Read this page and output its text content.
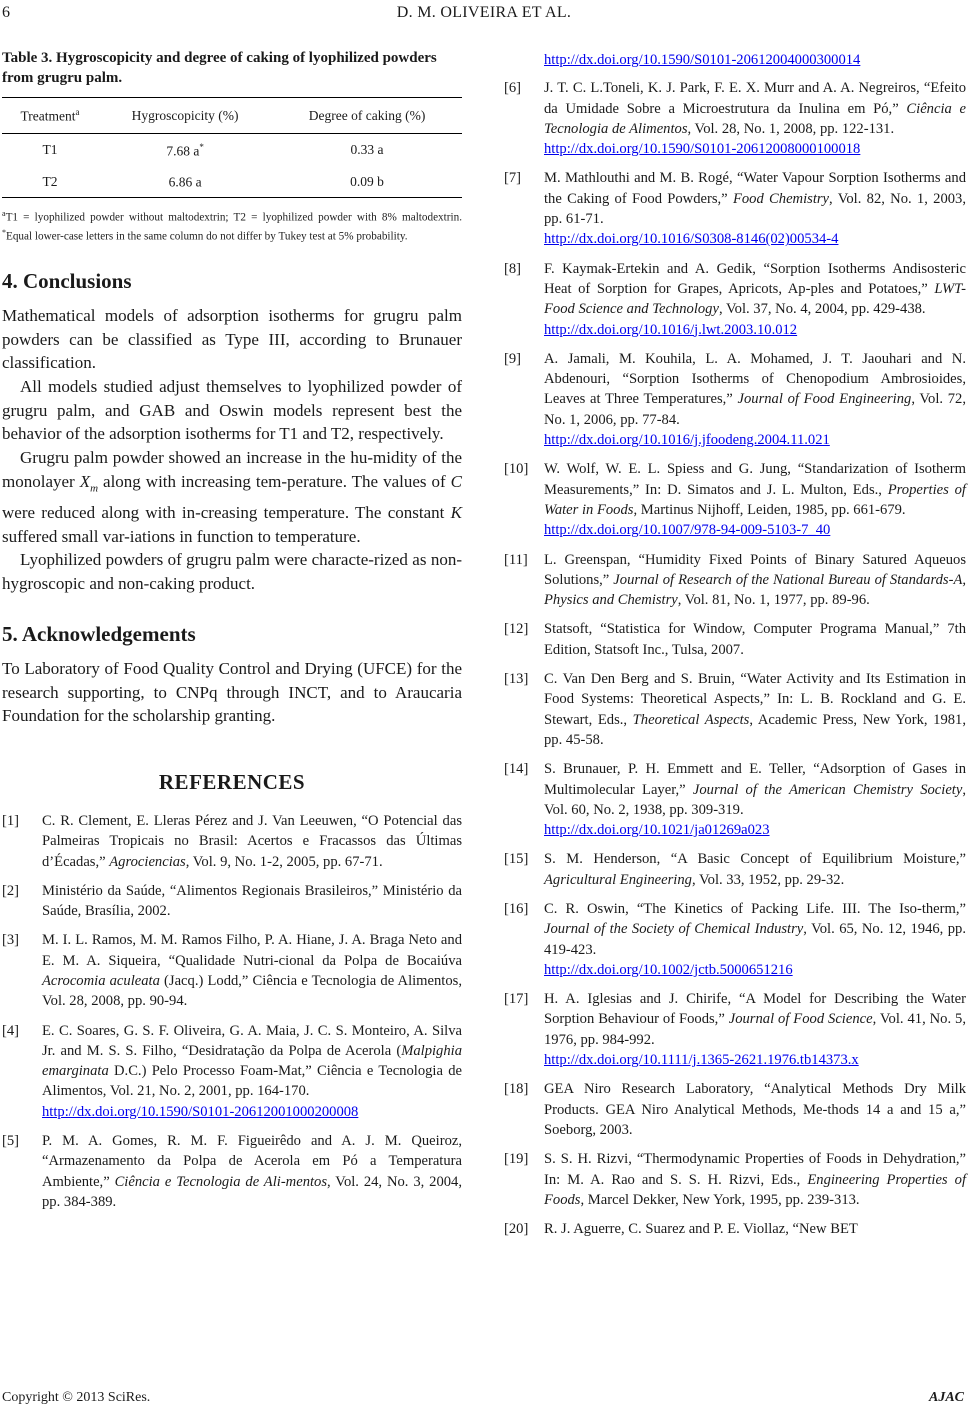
6	D. M. OLIVEIRA ET AL.
Table 3. Hygroscopicity and degree of caking of lyophilized powders from grugru palm.
Treatment$^a$	Hygroscopicity (%)	Degree of caking (%)
T1	7.68 a*	0.33 a
T2	6.86 a	0.09 b
$^a$T1 = lyophilized powder without maltodextrin; T2 = lyophilized powder with 8% maltodextrin. *Equal lower-case letters in the same column do not differ by Tukey test at 5% probability.
4. Conclusions

Mathematical models of adsorption isotherms for grugru palm powders can be classified as Type III, according to Brunauer classification.

All models studied adjust themselves to lyophilized powder of grugru palm, and GAB and Oswin models represent best the behavior of the adsorption isotherms for T1 and T2, respectively.

Grugru palm powder showed an increase in the hu-midity of the monolayer $X_m$ along with increasing tem-perature. The values of C were reduced along with in-creasing temperature. The constant K suffered small var-iations in function to temperature.

Lyophilized powders of grugru palm were characte-rized as non-hygroscopic and non-caking product.

5. Acknowledgements

To Laboratory of Food Quality Control and Drying (UFCE) for the research supporting, to CNPq through INCT, and to Araucaria Foundation for the scholarship granting.

REFERENCES
[1]	C. R. Clement, E. Lleras Pérez and J. Van Leeuwen, “O Potencial das Palmeiras Tropicais no Brasil: Acertos e Fracassos das Últimas d’Écadas,” Agrociencias, Vol. 9, No. 1-2, 2005, pp. 67-71.
[2]	Ministério da Saúde, “Alimentos Regionais Brasileiros,” Ministério da Saúde, Brasília, 2002.
[3]	M. I. L. Ramos, M. M. Ramos Filho, P. A. Hiane, J. A. Braga Neto and E. M. A. Siqueira, “Qualidade Nutri-cional da Polpa de Bocaiúva Acrocomia aculeata (Jacq.) Lodd,” Ciência e Tecnologia de Alimentos, Vol. 28, 2008, pp. 90-94.
[4]	E. C. Soares, G. S. F. Oliveira, G. A. Maia, J. C. S. Monteiro, A. Silva Jr. and M. S. S. Filho, “Desidratação da Polpa de Acerola (Malpighia emarginata D.C.) Pelo Processo Foam-Mat,” Ciência e Tecnologia de Alimentos, Vol. 21, No. 2, 2001, pp. 164-170.
http://dx.doi.org/10.1590/S0101-20612001000200008
[5]	P. M. A. Gomes, R. M. F. Figueirêdo and A. J. M. Queiroz, “Armazenamento da Polpa de Acerola em Pó a Temperatura Ambiente,” Ciência e Tecnologia de Ali-mentos, Vol. 24, No. 3, 2004, pp. 384-389.
http://dx.doi.org/10.1590/S0101-20612004000300014
[6]	J. T. C. L.Toneli, K. J. Park, F. E. X. Murr and A. A. Negreiros, “Efeito da Umidade Sobre a Microestrutura da Inulina em Pó,” Ciência e Tecnologia de Alimentos, Vol. 28, No. 1, 2008, pp. 122-131.
http://dx.doi.org/10.1590/S0101-20612008000100018
[7]	M. Mathlouthi and M. B. Rogé, “Water Vapour Sorption Isotherms and the Caking of Food Powders,” Food Chemistry, Vol. 82, No. 1, 2003, pp. 61-71.
http://dx.doi.org/10.1016/S0308-8146(02)00534-4
[8]	F. Kaymak-Ertekin and A. Gedik, “Sorption Isotherms Andisosteric Heat of Sorption for Grapes, Apricots, Ap-ples and Potatoes,” LWT-Food Science and Technology, Vol. 37, No. 4, 2004, pp. 429-438.
http://dx.doi.org/10.1016/j.lwt.2003.10.012
[9]	A. Jamali, M. Kouhila, L. A. Mohamed, J. T. Jaouhari and N. Abdenouri, “Sorption Isotherms of Chenopodium Ambrosioides, Leaves at Three Temperatures,” Journal of Food Engineering, Vol. 72, No. 1, 2006, pp. 77-84.
http://dx.doi.org/10.1016/j.jfoodeng.2004.11.021
[10]	W. Wolf, W. E. L. Spiess and G. Jung, “Standarization of Isotherm Measurements,” In: D. Simatos and J. L. Multon, Eds., Properties of Water in Foods, Martinus Nijhoff, Leiden, 1985, pp. 661-679.
http://dx.doi.org/10.1007/978-94-009-5103-7_40
[11]	L. Greenspan, “Humidity Fixed Points of Binary Satured Aqueuos Solutions,” Journal of Research of the National Bureau of Standards-A, Physics and Chemistry, Vol. 81, No. 1, 1977, pp. 89-96.
[12]	Statsoft, “Statistica for Window, Computer Programa Manual,” 7th Edition, Statsoft Inc., Tulsa, 2007.
[13]	C. Van Den Berg and S. Bruin, “Water Activity and Its Estimation in Food Systems: Theoretical Aspects,” In: L. B. Rockland and G. E. Stewart, Eds., Theoretical Aspects, Academic Press, New York, 1981, pp. 45-58.
[14]	S. Brunauer, P. H. Emmett and E. Teller, “Adsorption of Gases in Multimolecular Layer,” Journal of the American Chemistry Society, Vol. 60, No. 2, 1938, pp. 309-319.
http://dx.doi.org/10.1021/ja01269a023
[15]	S. M. Henderson, “A Basic Concept of Equilibrium Moisture,” Agricultural Engineering, Vol. 33, 1952, pp. 29-32.
[16]	C. R. Oswin, “The Kinetics of Packing Life. III. The Iso-therm,” Journal of the Society of Chemical Industry, Vol. 65, No. 12, 1946, pp. 419-423.
http://dx.doi.org/10.1002/jctb.5000651216
[17]	H. A. Iglesias and J. Chirife, “A Model for Describing the Water Sorption Behaviour of Foods,” Journal of Food Science, Vol. 41, No. 5, 1976, pp. 984-992.
http://dx.doi.org/10.1111/j.1365-2621.1976.tb14373.x
[18]	GEA Niro Research Laboratory, “Analytical Methods Dry Milk Products. GEA Niro Analytical Methods, Me-thods 14 a and 15 a,” Soeborg, 2003.
[19]	S. S. H. Rizvi, “Thermodynamic Properties of Foods in Dehydration,” In: M. A. Rao and S. S. H. Rizvi, Eds., Engineering Properties of Foods, Marcel Dekker, New York, 1995, pp. 239-313.
[20]	R. J. Aguerre, C. Suarez and P. E. Viollaz, “New BET
Copyright © 2013 SciRes.	AJAC
